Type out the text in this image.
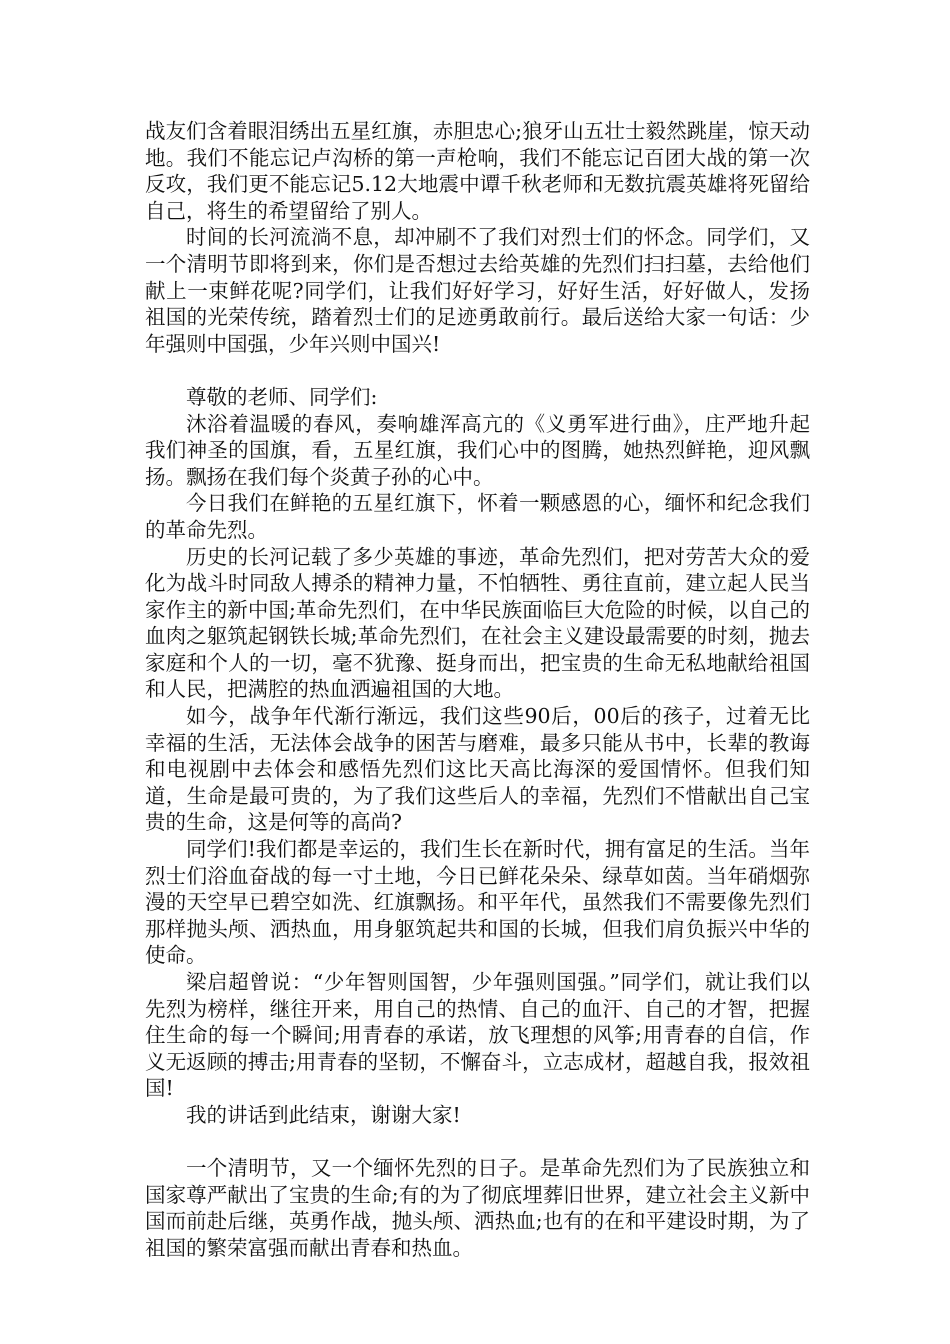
战友们含着眼泪绣出五星红旗，赤胆忠心;狼牙山五壮士毅然跳崖，惊天动地。我们不能忘记卢沟桥的第一声枪响，我们不能忘记百团大战的第一次反攻，我们更不能忘记5.12大地震中谭千秋老师和无数抗震英雄将死留给自己，将生的希望留给了别人。

时间的长河流淌不息，却冲刷不了我们对烈士们的怀念。同学们，又一个清明节即将到来，你们是否想过去给英雄的先烈们扫扫墓，去给他们献上一束鲜花呢?同学们，让我们好好学习，好好生活，好好做人，发扬祖国的光荣传统，踏着烈士们的足迹勇敢前行。最后送给大家一句话：少年强则中国强，少年兴则中国兴!

尊敬的老师、同学们:

沐浴着温暖的春风，奏响雄浑高亢的《义勇军进行曲》，庄严地升起我们神圣的国旗，看，五星红旗，我们心中的图腾，她热烈鲜艳，迎风飘扬。飘扬在我们每个炎黄子孙的心中。

今日我们在鲜艳的五星红旗下，怀着一颗感恩的心，缅怀和纪念我们的革命先烈。

历史的长河记载了多少英雄的事迹，革命先烈们，把对劳苦大众的爱化为战斗时同敌人搏杀的精神力量，不怕牺牲、勇往直前，建立起人民当家作主的新中国;革命先烈们，在中华民族面临巨大危险的时候，以自己的血肉之躯筑起钢铁长城;革命先烈们，在社会主义建设最需要的时刻，抛去家庭和个人的一切，毫不犹豫、挺身而出，把宝贵的生命无私地献给祖国和人民，把满腔的热血洒遍祖国的大地。

如今，战争年代渐行渐远，我们这些90后，00后的孩子，过着无比幸福的生活，无法体会战争的困苦与磨难，最多只能从书中，长辈的教诲和电视剧中去体会和感悟先烈们这比天高比海深的爱国情怀。但我们知道，生命是最可贵的，为了我们这些后人的幸福，先烈们不惜献出自己宝贵的生命，这是何等的高尚?

同学们!我们都是幸运的，我们生长在新时代，拥有富足的生活。当年烈士们浴血奋战的每一寸土地，今日已鲜花朵朵、绿草如茵。当年硝烟弥漫的天空早已碧空如洗、红旗飘扬。和平年代，虽然我们不需要像先烈们那样抛头颅、洒热血，用身躯筑起共和国的长城，但我们肩负振兴中华的使命。

梁启超曾说：“少年智则国智，少年强则国强。”同学们，就让我们以先烈为榜样，继往开来，用自己的热情、自己的血汗、自己的才智，把握住生命的每一个瞬间;用青春的承诺，放飞理想的风筝;用青春的自信，作义无返顾的搏击;用青春的坚韧，不懈奋斗，立志成材，超越自我，报效祖国!

我的讲话到此结束，谢谢大家!

一个清明节，又一个缅怀先烈的日子。是革命先烈们为了民族独立和国家尊严献出了宝贵的生命;有的为了彻底埋葬旧世界，建立社会主义新中国而前赴后继，英勇作战，抛头颅、洒热血;也有的在和平建设时期，为了祖国的繁荣富强而献出青春和热血。
